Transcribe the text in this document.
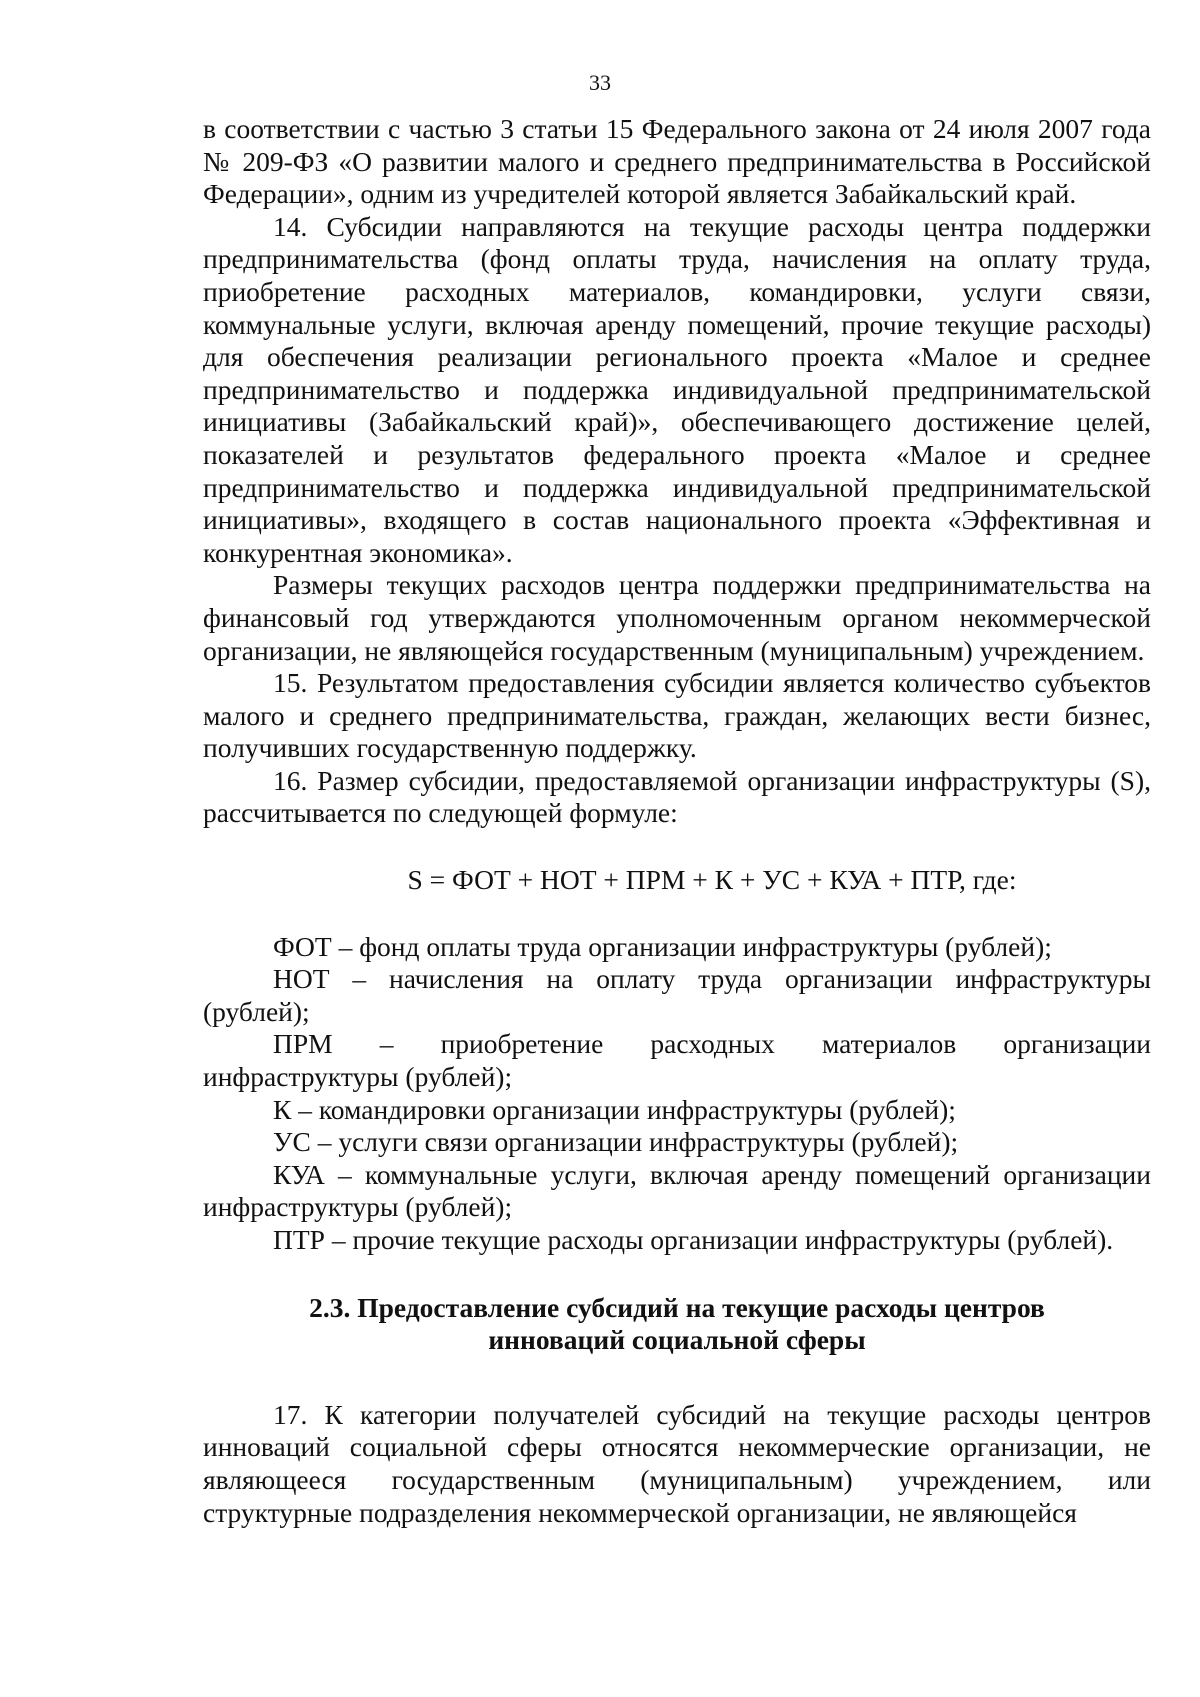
33

в соответствии с частью 3 статьи 15 Федерального закона от 24 июля 2007 года № 209-ФЗ «О развитии малого и среднего предпринимательства в Российской Федерации», одним из учредителей которой является Забайкальский край.

14. Субсидии направляются на текущие расходы центра поддержки предпринимательства (фонд оплаты труда, начисления на оплату труда, приобретение расходных материалов, командировки, услуги связи, коммунальные услуги, включая аренду помещений, прочие текущие расходы) для обеспечения реализации регионального проекта «Малое и среднее предпринимательство и поддержка индивидуальной предпринимательской инициативы (Забайкальский край)», обеспечивающего достижение целей, показателей и результатов федерального проекта «Малое и среднее предпринимательство и поддержка индивидуальной предпринимательской инициативы», входящего в состав национального проекта «Эффективная и конкурентная экономика».

Размеры текущих расходов центра поддержки предпринимательства на финансовый год утверждаются уполномоченным органом некоммерческой организации, не являющейся государственным (муниципальным) учреждением.

15. Результатом предоставления субсидии является количество субъектов малого и среднего предпринимательства, граждан, желающих вести бизнес, получивших государственную поддержку.

16. Размер субсидии, предоставляемой организации инфраструктуры (S), рассчитывается по следующей формуле:

S = ФОТ + НОТ + ПРМ + К + УС + КУА + ПТР, где:

ФОТ – фонд оплаты труда организации инфраструктуры (рублей);

НОТ – начисления на оплату труда организации инфраструктуры (рублей);

ПРМ – приобретение расходных материалов организации инфраструктуры (рублей);

К – командировки организации инфраструктуры (рублей);

УС – услуги связи организации инфраструктуры (рублей);

КУА – коммунальные услуги, включая аренду помещений организации инфраструктуры (рублей);

ПТР – прочие текущие расходы организации инфраструктуры (рублей).

2.3. Предоставление субсидий на текущие расходы центров
инноваций социальной сферы

17. К категории получателей субсидий на текущие расходы центров инноваций социальной сферы относятся некоммерческие организации, не являющееся государственным (муниципальным) учреждением, или структурные подразделения некоммерческой организации, не являющейся
